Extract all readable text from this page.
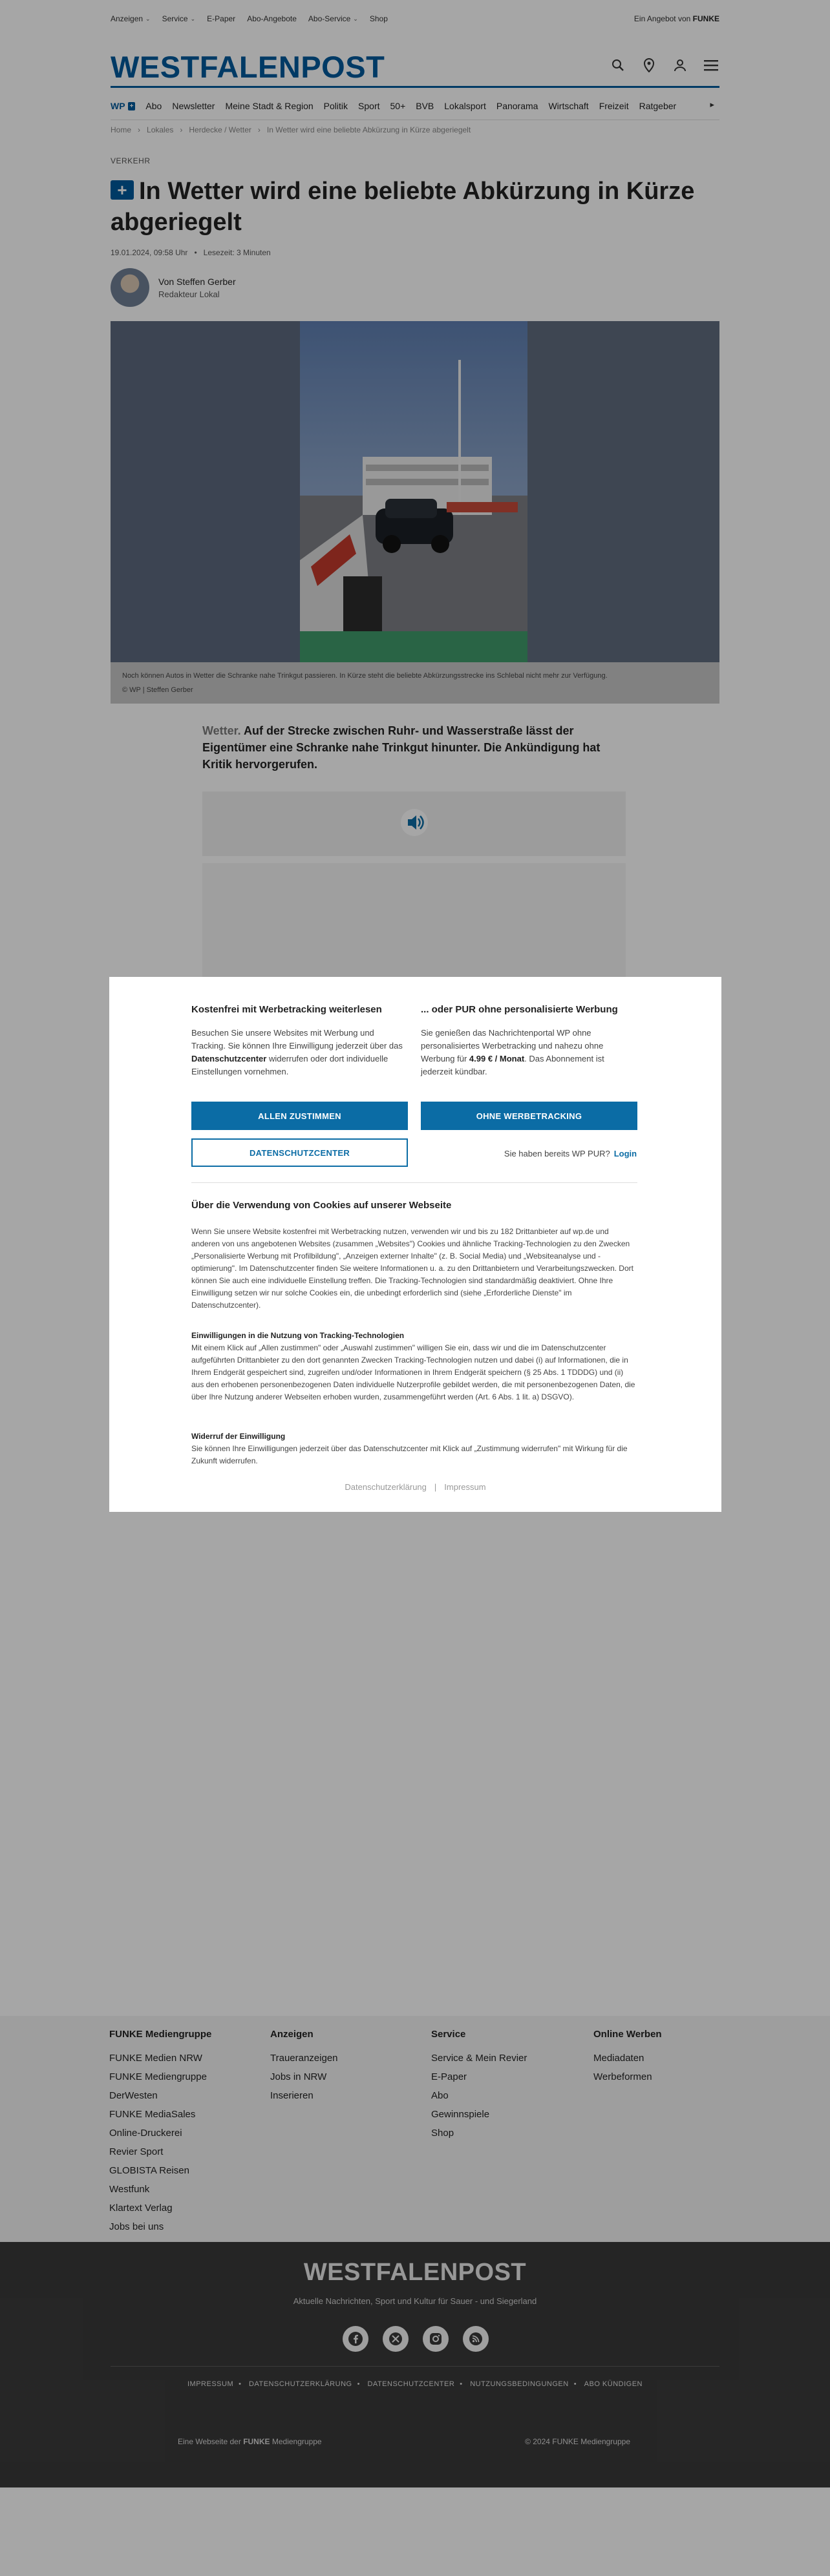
Anzeigen ⌄ Service ⌄ E-Paper Abo-Angebote Abo-Service ⌄ Shop	Ein Angebot von FUNKE
WESTFALENPOST
WP + Abo Newsletter Meine Stadt & Region Politik Sport 50+ BVB Lokalsport Panorama Wirtschaft Freizeit Ratgeber	▸
Home › Lokales › Herdecke / Wetter › In Wetter wird eine beliebte Abkürzung in Kürze abgeriegelt
VERKEHR
+ In Wetter wird eine beliebte Abkürzung in Kürze abgeriegelt
19.01.2024, 09:58 Uhr • Lesezeit: 3 Minuten
Von Steffen Gerber
Redakteur Lokal
Noch können Autos in Wetter die Schranke nahe Trinkgut passieren. In Kürze steht die beliebte Abkürzungsstrecke ins Schlebal nicht mehr zur Verfügung.
© WP | Steffen Gerber

Wetter. Auf der Strecke zwischen Ruhr- und Wasserstraße lässt der Eigentümer eine Schranke nahe Trinkgut hinunter. Die Ankündigung hat Kritik hervorgerufen.

FUNKE Mediengruppe
FUNKE Medien NRW
FUNKE Mediengruppe
DerWesten
FUNKE MediaSales
Online-Druckerei
Revier Sport
GLOBISTA Reisen
Westfunk
Klartext Verlag
Jobs bei uns
Anzeigen
Traueranzeigen
Jobs in NRW
Inserieren
Service
Service & Mein Revier
E-Paper
Abo
Gewinnspiele
Shop
Online Werben
Mediadaten
Werbeformen
WESTFALENPOST
Aktuelle Nachrichten, Sport und Kultur für Sauer - und Siegerland
IMPRESSUM • DATENSCHUTZERKLÄRUNG • DATENSCHUTZCENTER • NUTZUNGSBEDINGUNGEN • ABO KÜNDIGEN
Eine Webseite der FUNKE Mediengruppe	© 2024 FUNKE Mediengruppe
Kostenfrei mit Werbetracking weiterlesen

Besuchen Sie unsere Websites mit Werbung und Tracking. Sie können Ihre Einwilligung jederzeit über das Datenschutzcenter widerrufen oder dort individuelle Einstellungen vornehmen.

... oder PUR ohne personalisierte Werbung

Sie genießen das Nachrichtenportal WP ohne personalisiertes Werbetracking und nahezu ohne Werbung für 4.99 € / Monat. Das Abonnement ist jederzeit kündbar.

ALLEN ZUSTIMMEN	OHNE WERBETRACKING
DATENSCHUTZCENTER	Sie haben bereits WP PUR? Login
Über die Verwendung von Cookies auf unserer Webseite

Wenn Sie unsere Website kostenfrei mit Werbetracking nutzen, verwenden wir und bis zu 182 Drittanbieter auf wp.de und anderen von uns angebotenen Websites (zusammen „Websites") Cookies und ähnliche Tracking-Technologien zu den Zwecken „Personalisierte Werbung mit Profilbildung", „Anzeigen externer Inhalte" (z. B. Social Media) und „Websiteanalyse und -optimierung". Im Datenschutzcenter finden Sie weitere Informationen u. a. zu den Drittanbietern und Verarbeitungszwecken. Dort können Sie auch eine individuelle Einstellung treffen. Die Tracking-Technologien sind standardmäßig deaktiviert. Ohne Ihre Einwilligung setzen wir nur solche Cookies ein, die unbedingt erforderlich sind (siehe „Erforderliche Dienste" im Datenschutzcenter).

Einwilligungen in die Nutzung von Tracking-Technologien

Mit einem Klick auf „Allen zustimmen" oder „Auswahl zustimmen" willigen Sie ein, dass wir und die im Datenschutzcenter aufgeführten Drittanbieter zu den dort genannten Zwecken Tracking-Technologien nutzen und dabei (i) auf Informationen, die in Ihrem Endgerät gespeichert sind, zugreifen und/oder Informationen in Ihrem Endgerät speichern (§ 25 Abs. 1 TDDDG) und (ii) aus den erhobenen personenbezogenen Daten individuelle Nutzerprofile gebildet werden, die mit personenbezogenen Daten, die über Ihre Nutzung anderer Webseiten erhoben wurden, zusammengeführt werden (Art. 6 Abs. 1 lit. a) DSGVO).

Widerruf der Einwilligung

Sie können Ihre Einwilligungen jederzeit über das Datenschutzcenter mit Klick auf „Zustimmung widerrufen" mit Wirkung für die Zukunft widerrufen.

Datenschutzerklärung | Impressum
